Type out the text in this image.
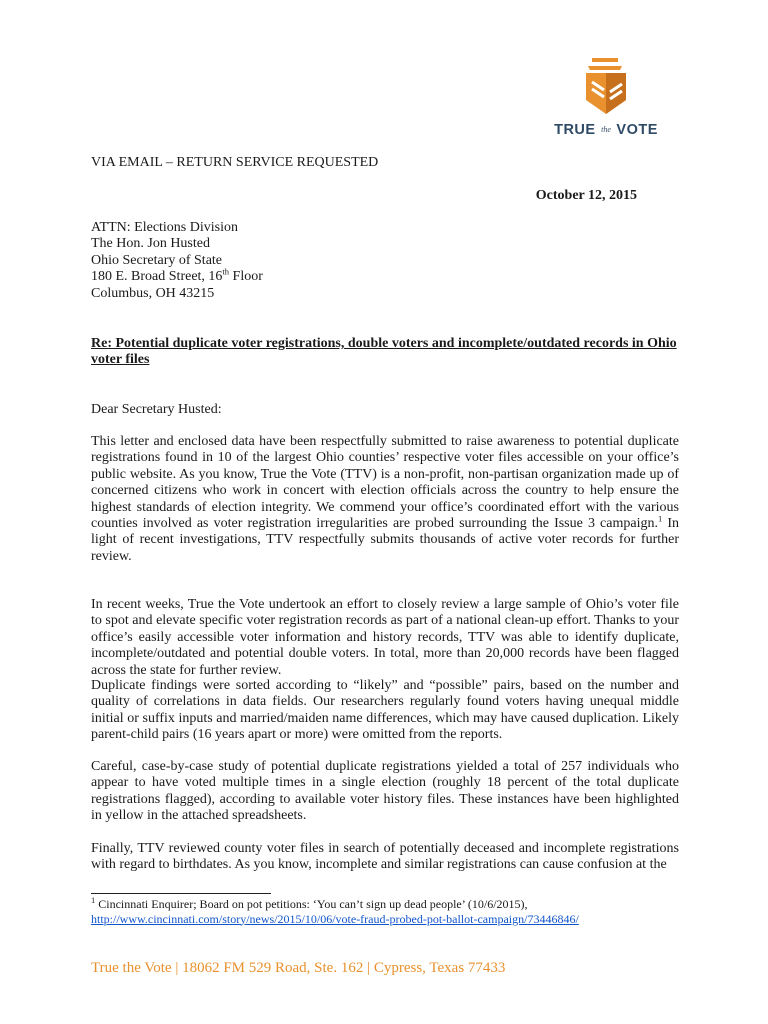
TRUE the VOTE
VIA EMAIL – RETURN SERVICE REQUESTED
October 12, 2015
ATTN: Elections Division
The Hon. Jon Husted
Ohio Secretary of State
180 E. Broad Street, 16th Floor
Columbus, OH 43215
Re: Potential duplicate voter registrations, double voters and incomplete/outdated records in Ohio voter files
Dear Secretary Husted:

This letter and enclosed data have been respectfully submitted to raise awareness to potential duplicate registrations found in 10 of the largest Ohio counties’ respective voter files accessible on your office’s public website. As you know, True the Vote (TTV) is a non-profit, non-partisan organization made up of concerned citizens who work in concert with election officials across the country to help ensure the highest standards of election integrity. We commend your office’s coordinated effort with the various counties involved as voter registration irregularities are probed surrounding the Issue 3 campaign.$^1$ In light of recent investigations, TTV respectfully submits thousands of active voter records for further review.

In recent weeks, True the Vote undertook an effort to closely review a large sample of Ohio’s voter file to spot and elevate specific voter registration records as part of a national clean-up effort. Thanks to your office’s easily accessible voter information and history records, TTV was able to identify duplicate, incomplete/outdated and potential double voters. In total, more than 20,000 records have been flagged across the state for further review.

Duplicate findings were sorted according to “likely” and “possible” pairs, based on the number and quality of correlations in data fields. Our researchers regularly found voters having unequal middle initial or suffix inputs and married/maiden name differences, which may have caused duplication. Likely parent-child pairs (16 years apart or more) were omitted from the reports.

Careful, case-by-case study of potential duplicate registrations yielded a total of 257 individuals who appear to have voted multiple times in a single election (roughly 18 percent of the total duplicate registrations flagged), according to available voter history files. These instances have been highlighted in yellow in the attached spreadsheets.

Finally, TTV reviewed county voter files in search of potentially deceased and incomplete registrations with regard to birthdates. As you know, incomplete and similar registrations can cause confusion at the

$^1$ Cincinnati Enquirer; Board on pot petitions: ‘You can’t sign up dead people’ (10/6/2015),
http://www.cincinnati.com/story/news/2015/10/06/vote-fraud-probed-pot-ballot-campaign/73446846/
True the Vote | 18062 FM 529 Road, Ste. 162 | Cypress, Texas 77433
